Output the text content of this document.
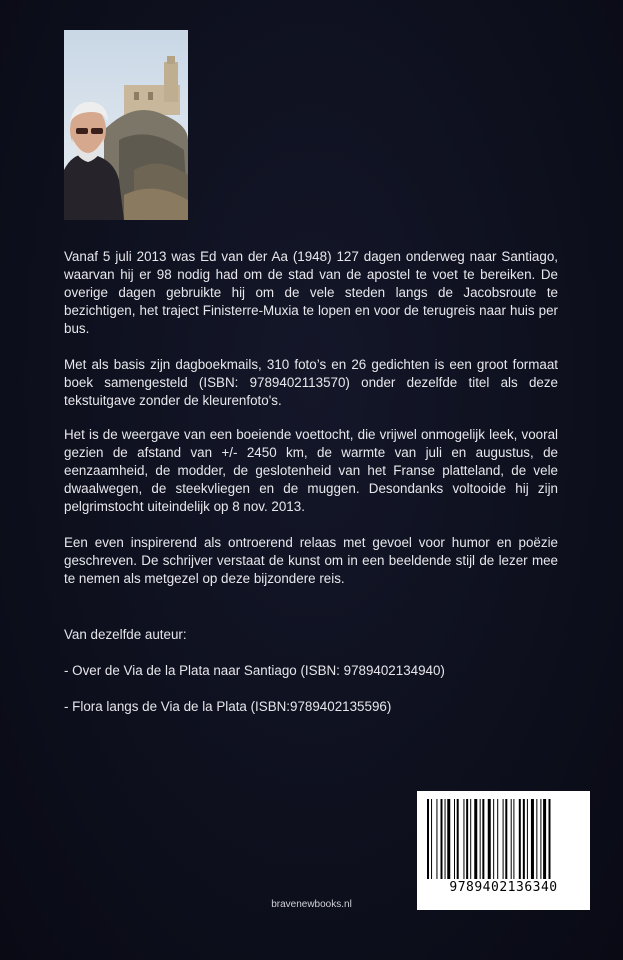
Vanaf 5 juli 2013 was Ed van der Aa (1948) 127 dagen onderweg naar Santiago, waarvan hij er 98 nodig had om de stad van de apostel te voet te bereiken. De overige dagen gebruikte hij om de vele steden langs de Jacobsroute te bezichtigen, het traject Finisterre-Muxia te lopen en voor de terugreis naar huis per bus.

Met als basis zijn dagboekmails, 310 foto’s en 26 gedichten is een groot formaat boek samengesteld (ISBN: 9789402113570) onder dezelfde titel als deze tekstuitgave zonder de kleurenfoto's.

Het is de weergave van een boeiende voettocht, die vrijwel onmogelijk leek, vooral gezien de afstand van +/- 2450 km, de warmte van juli en augustus, de eenzaamheid, de modder, de geslotenheid van het Franse platteland, de vele dwaalwegen, de steekvliegen en de muggen. Desondanks voltooide hij zijn pelgrimstocht uiteindelijk op 8 nov. 2013.

Een even inspirerend als ontroerend relaas met gevoel voor humor en poëzie geschreven. De schrijver verstaat de kunst om in een beeldende stijl de lezer mee te nemen als metgezel op deze bijzondere reis.

Van dezelfde auteur:
- Over de Via de la Plata naar Santiago (ISBN: 9789402134940)
- Flora langs de Via de la Plata (ISBN:9789402135596)
bravenewbooks.nl
9789402136340
